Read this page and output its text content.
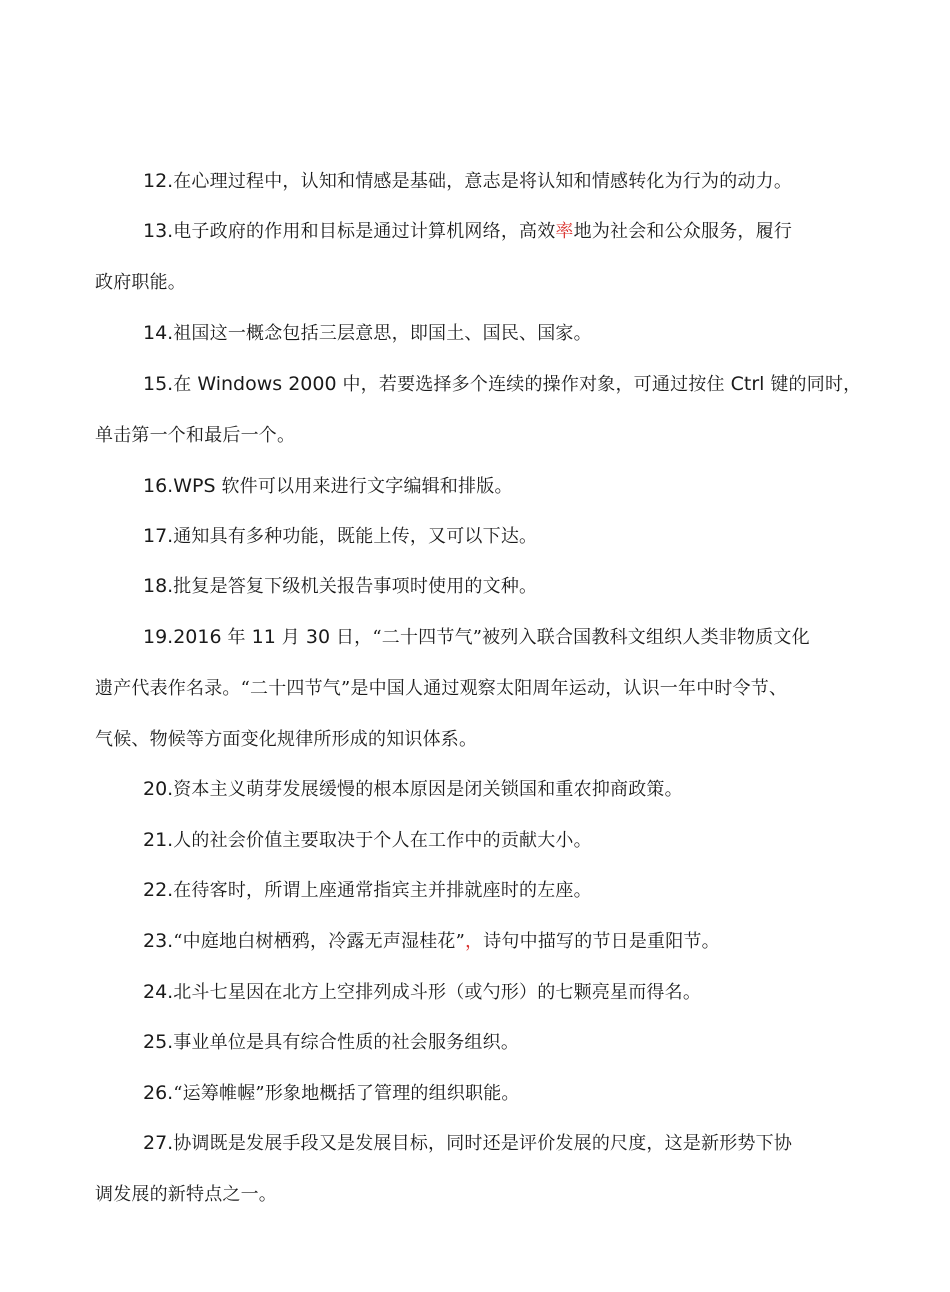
12.在心理过程中，认知和情感是基础，意志是将认知和情感转化为行为的动力。

13.电子政府的作用和目标是通过计算机网络，高效率地为社会和公众服务，履行
政府职能。

14.祖国这一概念包括三层意思，即国土、国民、国家。

15.在 Windows 2000 中，若要选择多个连续的操作对象，可通过按住 Ctrl 键的同时，
单击第一个和最后一个。

16.WPS 软件可以用来进行文字编辑和排版。

17.通知具有多种功能，既能上传，又可以下达。

18.批复是答复下级机关报告事项时使用的文种。

19.2016 年 11 月 30 日，“二十四节气”被列入联合国教科文组织人类非物质文化
遗产代表作名录。“二十四节气”是中国人通过观察太阳周年运动，认识一年中时令节、
气候、物候等方面变化规律所形成的知识体系。

20.资本主义萌芽发展缓慢的根本原因是闭关锁国和重农抑商政策。

21.人的社会价值主要取决于个人在工作中的贡献大小。

22.在待客时，所谓上座通常指宾主并排就座时的左座。

23.“中庭地白树栖鸦，冷露无声湿桂花”，诗句中描写的节日是重阳节。

24.北斗七星因在北方上空排列成斗形（或勺形）的七颗亮星而得名。

25.事业单位是具有综合性质的社会服务组织。

26.“运筹帷幄”形象地概括了管理的组织职能。

27.协调既是发展手段又是发展目标，同时还是评价发展的尺度，这是新形势下协
调发展的新特点之一。
